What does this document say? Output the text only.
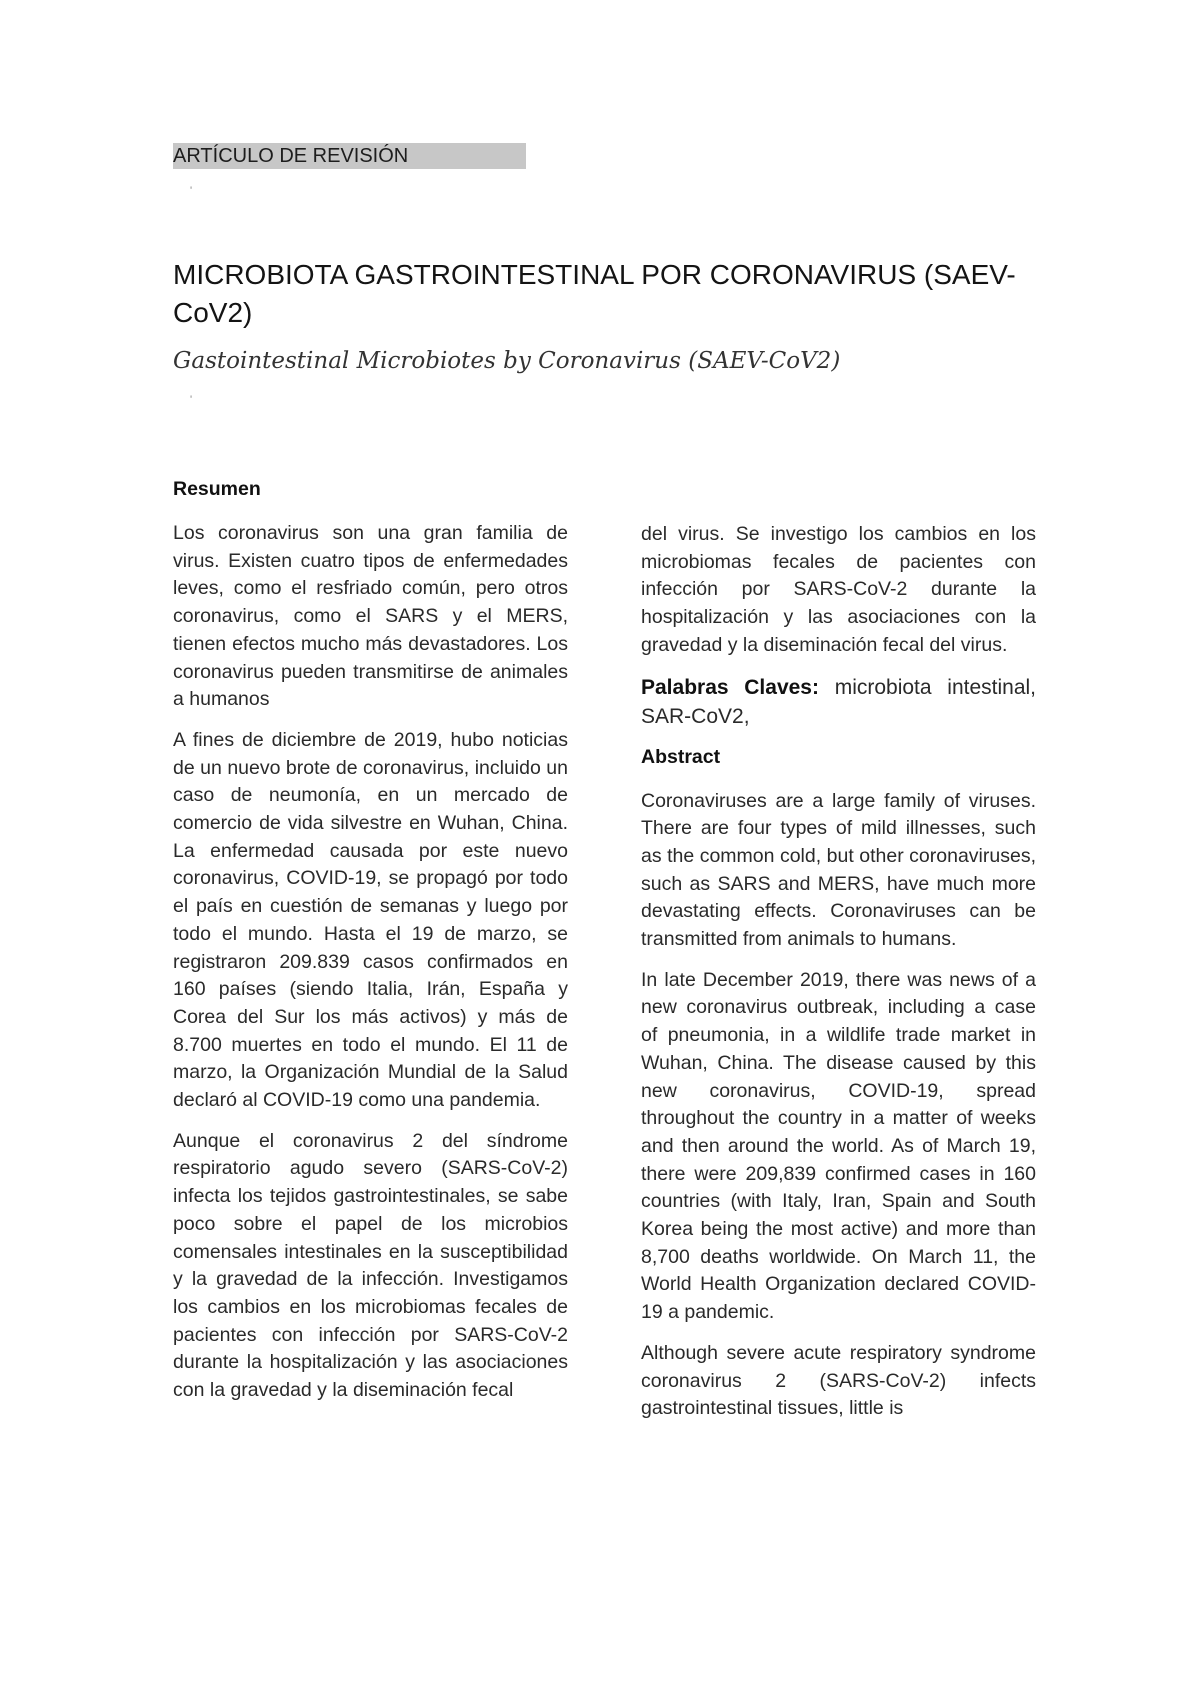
ARTÍCULO DE REVISIÓN
'
MICROBIOTA GASTROINTESTINAL POR CORONAVIRUS (SAEV-CoV2)

Gastointestinal Microbiotes by Coronavirus (SAEV-CoV2)

'
Resumen

Los coronavirus son una gran familia de virus. Existen cuatro tipos de enfermedades leves, como el resfriado común, pero otros coronavirus, como el SARS y el MERS, tienen efectos mucho más devastadores. Los coronavirus pueden transmitirse de animales a humanos

A fines de diciembre de 2019, hubo noticias de un nuevo brote de coronavirus, incluido un caso de neumonía, en un mercado de comercio de vida silvestre en Wuhan, China. La enfermedad causada por este nuevo coronavirus, COVID-19, se propagó por todo el país en cuestión de semanas y luego por todo el mundo. Hasta el 19 de marzo, se registraron 209.839 casos confirmados en 160 países (siendo Italia, Irán, España y Corea del Sur los más activos) y más de 8.700 muertes en todo el mundo. El 11 de marzo, la Organización Mundial de la Salud declaró al COVID-19 como una pandemia.

Aunque el coronavirus 2 del síndrome respiratorio agudo severo (SARS-CoV-2) infecta los tejidos gastrointestinales, se sabe poco sobre el papel de los microbios comensales intestinales en la susceptibilidad y la gravedad de la infección. Investigamos los cambios en los microbiomas fecales de pacientes con infección por SARS-CoV-2 durante la hospitalización y las asociaciones con la gravedad y la diseminación fecal

del virus. Se investigo los cambios en los microbiomas fecales de pacientes con infección por SARS-CoV-2 durante la hospitalización y las asociaciones con la gravedad y la diseminación fecal del virus.

Palabras Claves: microbiota intestinal, SAR-CoV2,

Abstract

Coronaviruses are a large family of viruses. There are four types of mild illnesses, such as the common cold, but other coronaviruses, such as SARS and MERS, have much more devastating effects. Coronaviruses can be transmitted from animals to humans.

In late December 2019, there was news of a new coronavirus outbreak, including a case of pneumonia, in a wildlife trade market in Wuhan, China. The disease caused by this new coronavirus, COVID-19, spread throughout the country in a matter of weeks and then around the world. As of March 19, there were 209,839 confirmed cases in 160 countries (with Italy, Iran, Spain and South Korea being the most active) and more than 8,700 deaths worldwide. On March 11, the World Health Organization declared COVID-19 a pandemic.

Although severe acute respiratory syndrome coronavirus 2 (SARS-CoV-2) infects gastrointestinal tissues, little is
